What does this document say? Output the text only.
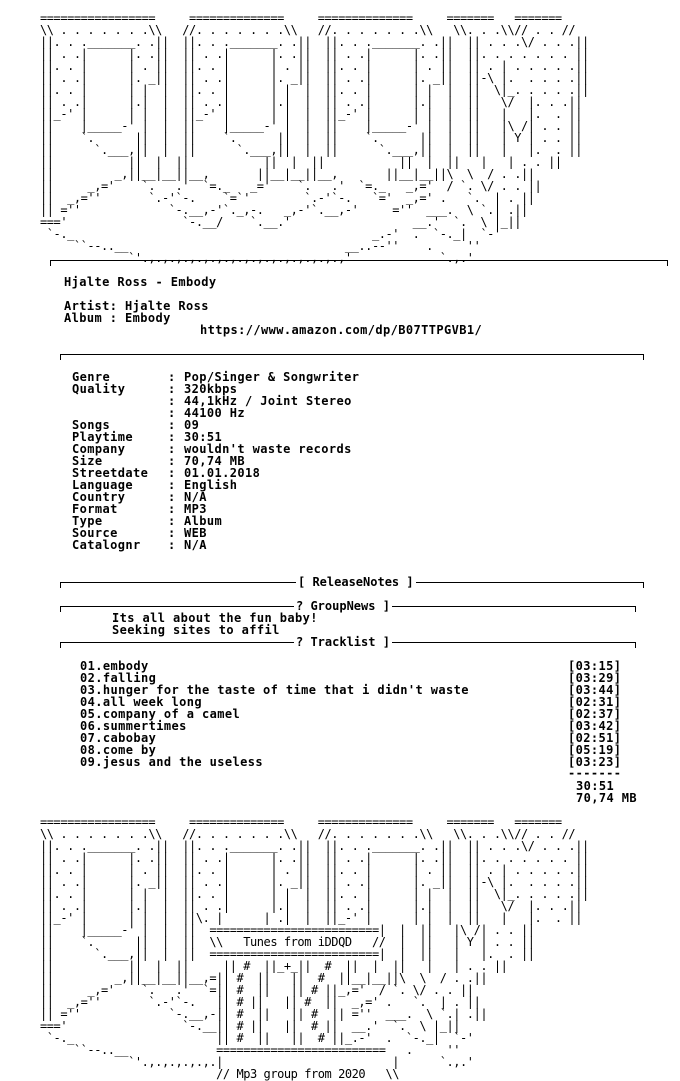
=================     ==============     ==============     =======   =======
\\ . . . . . . .\\   //. . . . . . .\\   //. . . . . . .\\   \\. . .\\// . . //
||. . ._______. .||  ||. . ._______. .||  ||. . ._______. .||  || . . .\/ . . .||
|| . .|      |. .||  || . .|      |. .||  || . .|      |. .||  ||. . . . . . . ||
||. . |      | . ||  ||. . |      | . ||  ||. . |      | . ||  || . | . . . . .||
|| . .|      |. _||  || . .|      |. _||  || . .|      |. _||  ||-\ |.  . . . .||
||. . |      | |  |  ||. . |      | |  |  ||. . |      | |  |  ||  \|_. . . . .||
|| . .|      |.|  |  || . .|      |.|  |  || . .|      |.|  |  ||   \/  |. . .||
||_-' |      | |  |  ||_-' |      | |  |  ||_-' |      | |  |  ||   |   |.  . ||
||    |_____-' |  |  ||    |_____-' |  |  ||    |_____-' |  |  ||   |\ /| . . ||
||    `.      ||  |  ||    `.      ||  |  ||    `.      ||  |  ||   | Y | . . ||
||      `.___,||  |  ||      `.___,||  |  ||      `.___,||  |  ||   |   |.  . ||
||           ||  |  ||           ||  |  ||           ||  |  ||   |   | . . ||
||         _,||__|__||__,       ||__|__||__,       ||__|__||\  \  / . .||
||     _,='    `.   .'  `=._   _='    `.   .'  `=._   _,='  / `. \/ . . ||
||  _,=''       `.-'`-.    `=`'        `.-'`-.   `='  _,=' .   `.  | . ||
|| =''             `-.__,-'`._,-.   _,-'`.__,-'     =''  ___.  \ `.| .||
==='                 `-.__/    `.__.'                  __.'  `.  \ |_||
`-._                                            _.-'  .  `-._|  `-'
``--..__                                __..--''    .     ''
`'.,.,.,.,.,.,.,.,.,.,.,.,.,.,.,'             `.,.'
Hjalte Ross - Embody
Artist: Hjalte Ross
Album : Embody
https://www.amazon.com/dp/B07TTPGVB1/
Genre	: Pop/Singer & Songwriter
Quality	: 320kbps
: 44,1kHz / Joint Stereo
: 44100 Hz
Songs	: 09
Playtime	: 30:51
Company	: wouldn't waste records
Size	: 70,74 MB
Streetdate	: 01.01.2018
Language	: English
Country	: N/A
Format	: MP3
Type	: Album
Source	: WEB
Catalognr	: N/A
[ ReleaseNotes ]
? GroupNews ]
Its all about the fun baby!
Seeking sites to affil
? Tracklist ]
01.embody	[03:15]
02.falling	[03:29]
03.hunger for the taste of time that i didn't waste	[03:44]
04.all week long	[02:31]
05.company of a camel	[02:37]
06.summertimes	[03:42]
07.cabobay	[02:51]
08.come by	[05:19]
09.jesus and the useless	[03:23]
-------
30:51
70,74 MB
=================     ==============     ==============     =======   =======
\\ . . . . . . .\\   //. . . . . . .\\   //. . . . . . .\\   \\. . .\\// . . //
||. . ._______. .||  ||. . ._______. .||  ||. . ._______. .||  || . . .\/ . . .||
|| . .|      |. .||  || . .|      |. .||  || . .|      |. .||  ||. . . . . . . ||
||. . |      | . ||  ||. . |      | . ||  ||. . |      | . ||  || . | . . . . .||
|| . .|      |. _||  || . .|      |. _||  || . .|      |. _||  ||-\ |.  . . . .||
||. . |      | |  |  ||. . |      | |  |  ||. . |      | |  |  ||  \|_. . . . .||
|| . .|      |.|  |  || . .|      |.|  |  || . .|      |.|  |  ||   \/  |. . .||
||_-' |      | |  |  ||\. |      | .|  |  ||_-' |      | |  |  ||   |   |.  . ||
||    |_____-' |  |  ||  =========================|  |  ||   |\ /| . . ||
||    `.      ||  |  ||  \\   Tunes from iDDQD   //  |  ||   | Y | . . ||
||      `.___,||  |  ||  =========================|  |  ||   |   |.  . ||
||           ||  |  ||     || #  ||_+_||  #  ||  |  ||   |   | . . ||
||         _,||__|__||__,=|| #  ||   ||  #  ||__|__||\  \  / . .||
||     _,='    `.   .'  `=|| #  ||   || # ||_,='  / `. \/ . . ||
||  _,=''       `.-'`-.   || # ||   || #  ||  _,=' .   `.  | . ||
|| =''             `-.__,-|| #  ||   || #  || =''  ___.  \ `.| .||
==='                 `-.__|| # ||   ||  # ||  __.'  `.  \ |_||
`-._                     || #  ||   ||  # ||_.-'  .  `-._|  `-'
``--..__             =========================   .     ''
`'.,.,.,.,.,.|                         |      `.,.'
// Mp3 group from 2020   \\
